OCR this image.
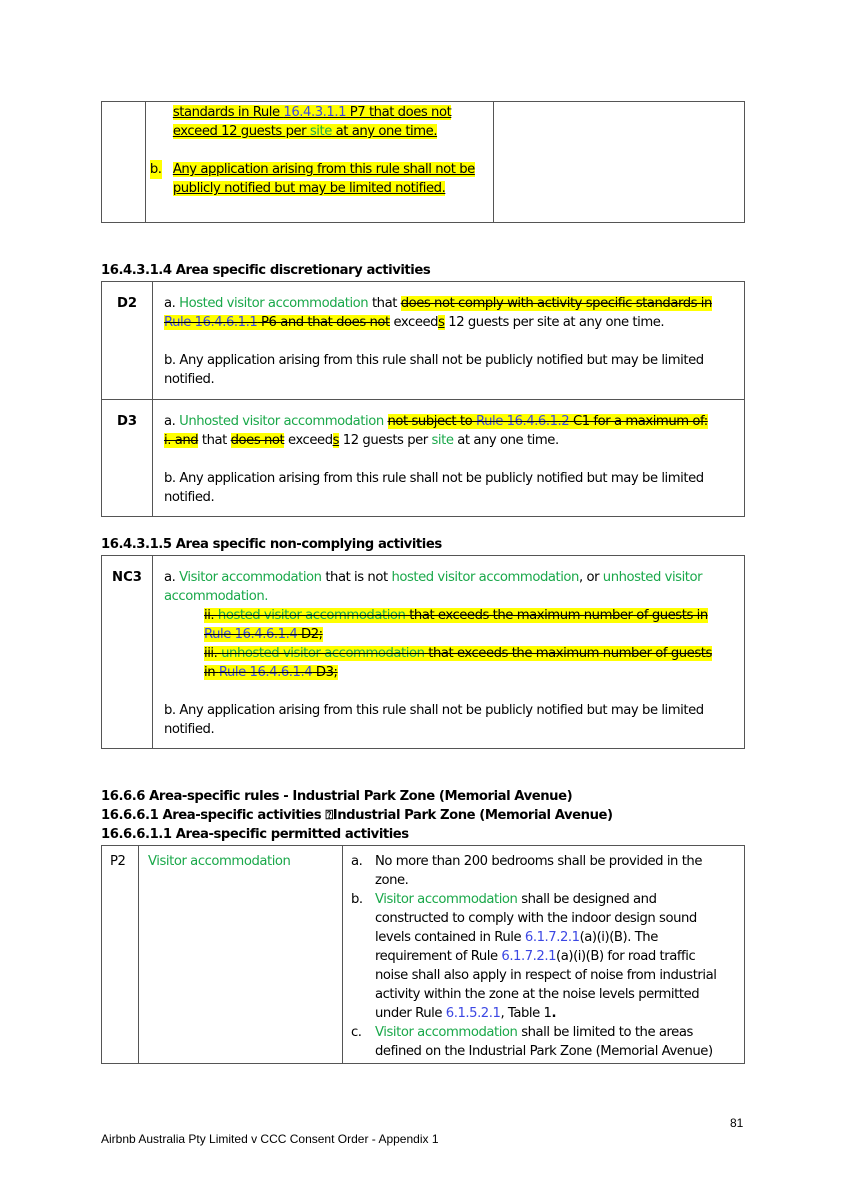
standards in Rule 16.4.3.1.1 P7 that does not
exceed 12 guests per site at any one time.
b. Any application arising from this rule shall not be
publicly notified but may be limited notified.

16.4.3.1.4 Area specific discretionary activities
D2	a. Hosted visitor accommodation that does not comply with activity specific standards in
Rule 16.4.6.1.1 P6 and that does not exceeds 12 guests per site at any one time.
b. Any application arising from this rule shall not be publicly notified but may be limited
notified.

D3	a. Unhosted visitor accommodation not subject to Rule 16.4.6.1.2 C1 for a maximum of:
i. and that does not exceeds 12 guests per site at any one time.
b. Any application arising from this rule shall not be publicly notified but may be limited
notified.
16.4.3.1.5 Area specific non-complying activities
NC3	a. Visitor accommodation that is not hosted visitor accommodation, or unhosted visitor
accommodation.
ii. hosted visitor accommodation that exceeds the maximum number of guests in
Rule 16.4.6.1.4 D2;
iii. unhosted visitor accommodation that exceeds the maximum number of guests
in Rule 16.4.6.1.4 D3;
b. Any application arising from this rule shall not be publicly notified but may be limited
notified.
16.6.6 Area-specific rules - Industrial Park Zone (Memorial Avenue)
16.6.6.1 Area-specific activities ⍰Industrial Park Zone (Memorial Avenue)
16.6.6.1.1 Area-specific permitted activities
P2	Visitor accommodation	a. No more than 200 bedrooms shall be provided in the
zone.
b. Visitor accommodation shall be designed and
constructed to comply with the indoor design sound
levels contained in Rule 6.1.7.2.1(a)(i)(B). The
requirement of Rule 6.1.7.2.1(a)(i)(B) for road traffic
noise shall also apply in respect of noise from industrial
activity within the zone at the noise levels permitted
under Rule 6.1.5.2.1, Table 1.
c. Visitor accommodation shall be limited to the areas
defined on the Industrial Park Zone (Memorial Avenue)
81
Airbnb Australia Pty Limited v CCC Consent Order - Appendix 1
